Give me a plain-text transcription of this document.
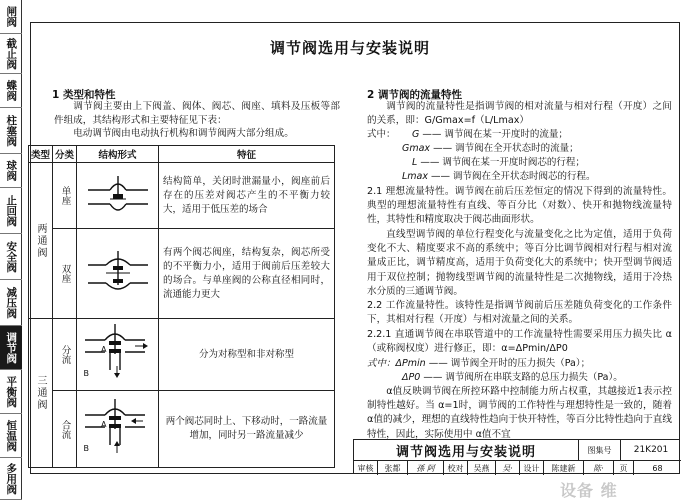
闸阀
截止阀
蝶阀
柱塞阀
球阀
止回阀
安全阀
减压阀
调节阀
平衡阀
恒温阀
多用阀
调节阀选用与安装说明
1 类型和特性

调节阀主要由上下阀盖、阀体、阀芯、阀座、填料及压板等部件组成，其结构形式和主要特征见下表：

电动调节阀由电动执行机构和调节阀两大部分组成。

类型	分类	结构形式	特征

两通阀	单座		结构简单，关闭时泄漏量小，阀座前后存在的压差对阀芯产生的不平衡力较大，适用于低压差的场合

	双座		有两个阀芯阀座，结构复杂，阀芯所受的不平衡力小，适用于阀前后压差较大的场合。与单座阀的公称直径相同时，流通能力更大

三通阀	分流	$^A$ $^B$	分为对称型和非对称型

	合流	$^A$ $^B$	两个阀芯同时上、下移动时，一路流量增加，同时另一路流量减少
2 调节阀的流量特性
调节阀的流量特性是指调节阀的相对流量与相对行程（开度）之间的关系，即：G/Gmax=f（L/Lmax）
式中： G —— 调节阀在某一开度时的流量；
Gmax —— 调节阀在全开状态时的流量；
L —— 调节阀在某一开度时阀芯的行程；
Lmax —— 调节阀在全开状态时阀芯的行程。
2.1 理想流量特性。调节阀在前后压差恒定的情况下得到的流量特性。典型的理想流量特性有直线、等百分比（对数）、快开和抛物线流量特性，其特性和精度取决于阀芯曲面形状。
直线型调节阀的单位行程变化与流量变化之比为定值，适用于负荷变化不大、精度要求不高的系统中；等百分比调节阀相对行程与相对流量成正比，调节精度高，适用于负荷变化大的系统中；快开型调节阀适用于双位控制；抛物线型调节阀的流量特性是二次抛物线，适用于冷热水分质的三通调节阀。
2.2 工作流量特性。该特性是指调节阀前后压差随负荷变化的工作条件下，其相对行程（开度）与相对流量之间的关系。
2.2.1 直通调节阀在串联管道中的工作流量特性需要采用压力损失比 α（或称阀权度）进行修正，即：α=ΔPmin/ΔP0
式中：ΔPmin —— 调节阀全开时的压力损失（Pa）；
ΔP0 —— 调节阀所在串联支路的总压力损失（Pa）。
α值反映调节阀在所控环路中控制能力所占权重，其越接近1表示控制特性越好。当 α=1时，调节阀的工作特性与理想特性是一致的，随着 α值的减少，理想的直线特性趋向于快开特性，等百分比特性趋向于直线特性，因此，实际使用中 α值不宜
调节阀选用与安装说明	图集号	21K201
审核	张都	孫 阿	校对	吴燕	吴·	设计	陈建新	陈·	页	68
设备 维
